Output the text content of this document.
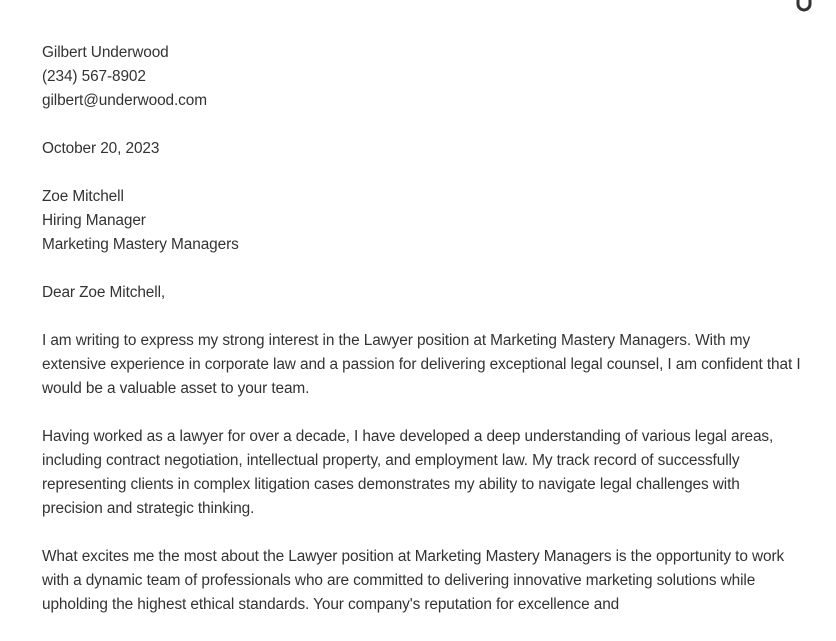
Gilbert Underwood
(234) 567-8902
gilbert@underwood.com
October 20, 2023
Zoe Mitchell
Hiring Manager
Marketing Mastery Managers
Dear Zoe Mitchell,

I am writing to express my strong interest in the Lawyer position at Marketing Mastery Managers. With my extensive experience in corporate law and a passion for delivering exceptional legal counsel, I am confident that I would be a valuable asset to your team.

Having worked as a lawyer for over a decade, I have developed a deep understanding of various legal areas, including contract negotiation, intellectual property, and employment law. My track record of successfully representing clients in complex litigation cases demonstrates my ability to navigate legal challenges with precision and strategic thinking.

What excites me the most about the Lawyer position at Marketing Mastery Managers is the opportunity to work with a dynamic team of professionals who are committed to delivering innovative marketing solutions while upholding the highest ethical standards. Your company's reputation for excellence and
